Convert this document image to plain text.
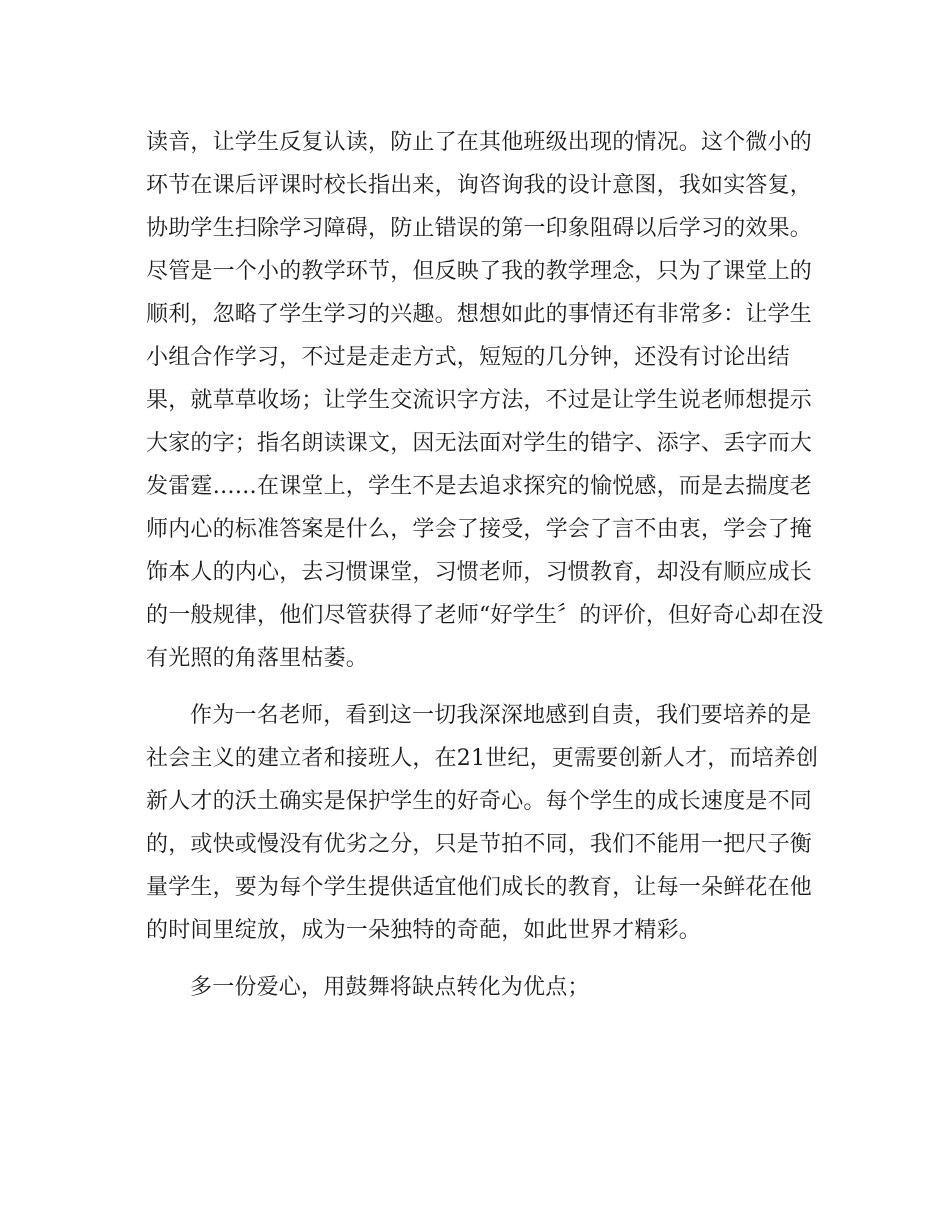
读音，让学生反复认读，防止了在其他班级出现的情况。这个微小的
环节在课后评课时校长指出来，询咨询我的设计意图，我如实答复，
协助学生扫除学习障碍，防止错误的第一印象阻碍以后学习的效果。
尽管是一个小的教学环节，但反映了我的教学理念，只为了课堂上的
顺利，忽略了学生学习的兴趣。想想如此的事情还有非常多：让学生
小组合作学习，不过是走走方式，短短的几分钟，还没有讨论出结
果，就草草收场；让学生交流识字方法，不过是让学生说老师想提示
大家的字；指名朗读课文，因无法面对学生的错字、添字、丢字而大
发雷霆……在课堂上，学生不是去追求探究的愉悦感，而是去揣度老
师内心的标准答案是什么，学会了接受，学会了言不由衷，学会了掩
饰本人的内心，去习惯课堂，习惯老师，习惯教育，却没有顺应成长
的一般规律，他们尽管获得了老师“好学生〞的评价，但好奇心却在没
有光照的角落里枯萎。
作为一名老师，看到这一切我深深地感到自责，我们要培养的是
社会主义的建立者和接班人，在21世纪，更需要创新人才，而培养创
新人才的沃土确实是保护学生的好奇心。每个学生的成长速度是不同
的，或快或慢没有优劣之分，只是节拍不同，我们不能用一把尺子衡
量学生，要为每个学生提供适宜他们成长的教育，让每一朵鲜花在他
的时间里绽放，成为一朵独特的奇葩，如此世界才精彩。
多一份爱心，用鼓舞将缺点转化为优点；
